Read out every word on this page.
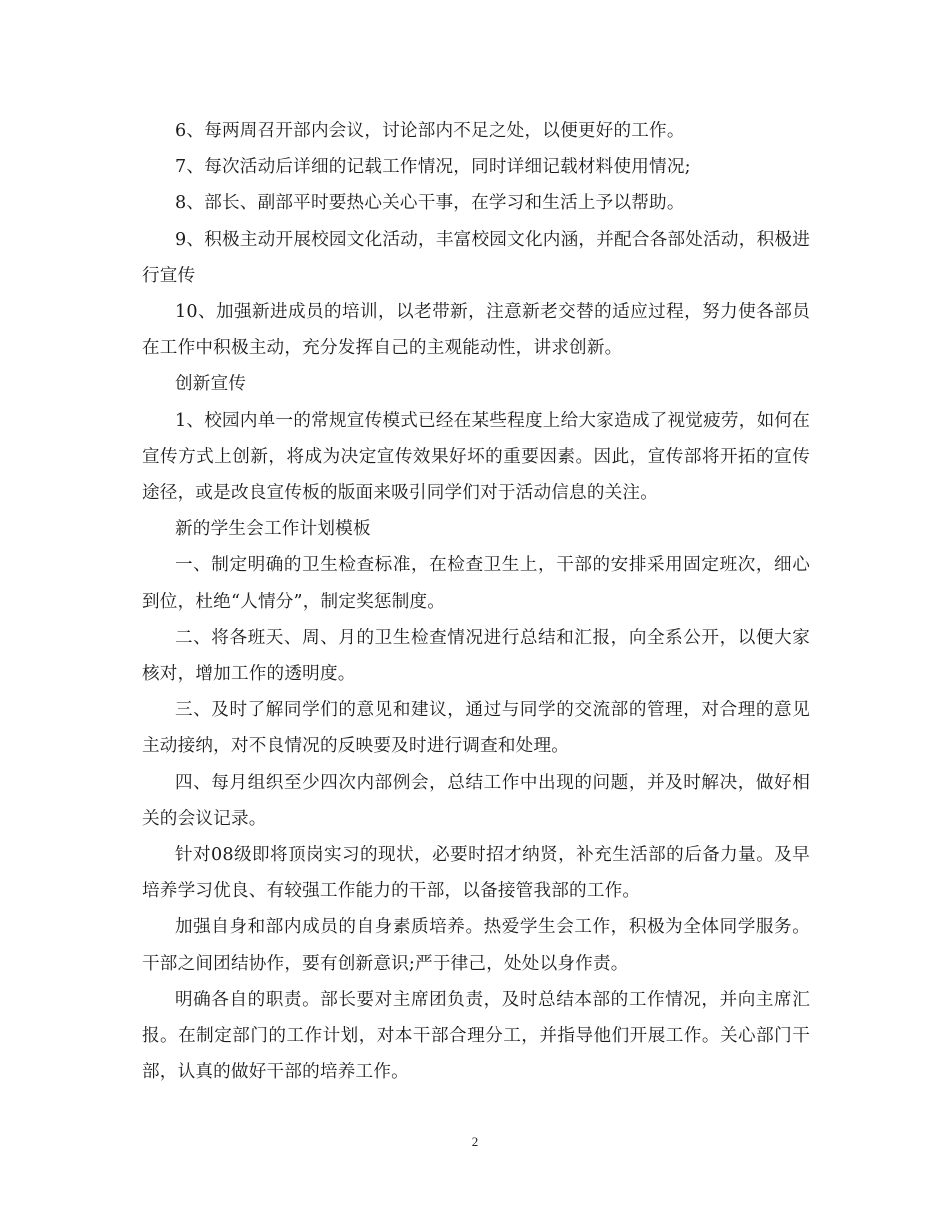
6、每两周召开部内会议，讨论部内不足之处，以便更好的工作。

7、每次活动后详细的记载工作情况，同时详细记载材料使用情况;

8、部长、副部平时要热心关心干事，在学习和生活上予以帮助。

9、积极主动开展校园文化活动，丰富校园文化内涵，并配合各部处活动，积极进行宣传

10、加强新进成员的培训，以老带新，注意新老交替的适应过程，努力使各部员在工作中积极主动，充分发挥自己的主观能动性，讲求创新。

创新宣传

1、校园内单一的常规宣传模式已经在某些程度上给大家造成了视觉疲劳，如何在宣传方式上创新，将成为决定宣传效果好坏的重要因素。因此，宣传部将开拓的宣传途径，或是改良宣传板的版面来吸引同学们对于活动信息的关注。

新的学生会工作计划模板

一、制定明确的卫生检查标准，在检查卫生上，干部的安排采用固定班次，细心到位，杜绝“人情分”，制定奖惩制度。

二、将各班天、周、月的卫生检查情况进行总结和汇报，向全系公开，以便大家核对，增加工作的透明度。

三、及时了解同学们的意见和建议，通过与同学的交流部的管理，对合理的意见主动接纳，对不良情况的反映要及时进行调查和处理。

四、每月组织至少四次内部例会，总结工作中出现的问题，并及时解决，做好相关的会议记录。

针对08级即将顶岗实习的现状，必要时招才纳贤，补充生活部的后备力量。及早培养学习优良、有较强工作能力的干部，以备接管我部的工作。

加强自身和部内成员的自身素质培养。热爱学生会工作，积极为全体同学服务。干部之间团结协作，要有创新意识;严于律己，处处以身作责。

明确各自的职责。部长要对主席团负责，及时总结本部的工作情况，并向主席汇报。在制定部门的工作计划，对本干部合理分工，并指导他们开展工作。关心部门干部，认真的做好干部的培养工作。

2
